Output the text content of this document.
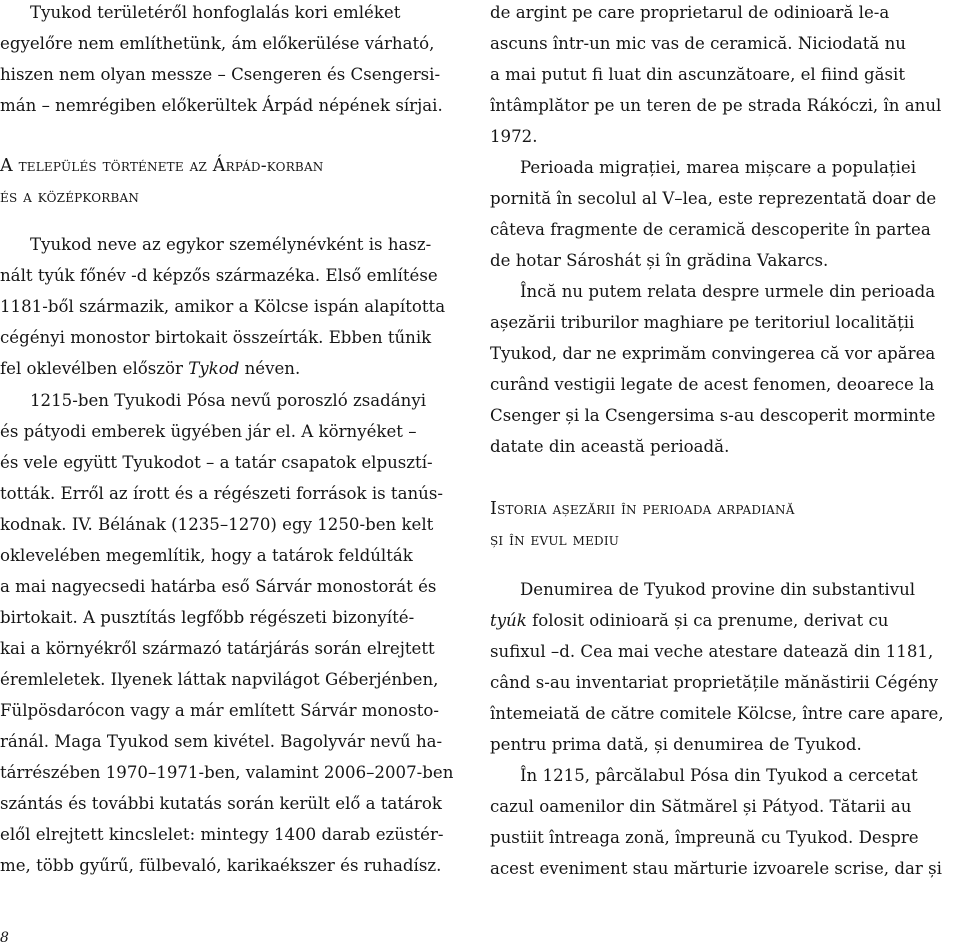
Tyukod területéről honfoglalás kori emléket
egyelőre nem említhetünk, ám előkerülése várható,
hiszen nem olyan messze – Csengeren és Csengersi-
mán – nemrégiben előkerültek Árpád népének sírjai.
A település története az Árpád-korban
és a középkorban
Tyukod neve az egykor személynévként is hasz-
nált tyúk főnév -d képzős származéka. Első említése
1181-ből származik, amikor a Kölcse ispán alapította
cégényi monostor birtokait összeírták. Ebben tűnik
fel oklevélben először Tykod néven.
1215-ben Tyukodi Pósa nevű poroszló zsadányi
és pátyodi emberek ügyében jár el. A környéket –
és vele együtt Tyukodot – a tatár csapatok elpusztí-
tották. Erről az írott és a régészeti források is tanús-
kodnak. IV. Bélának (1235–1270) egy 1250-ben kelt
oklevelében megemlítik, hogy a tatárok feldúlták
a mai nagyecsedi határba eső Sárvár monostorát és
birtokait. A pusztítás legfőbb régészeti bizonyíté-
kai a környékről származó tatárjárás során elrejtett
éremleletek. Ilyenek láttak napvilágot Géberjénben,
Fülpösdarócon vagy a már említett Sárvár monosto-
ránál. Maga Tyukod sem kivétel. Bagolyvár nevű ha-
tárrészében 1970–1971-ben, valamint 2006–2007-ben
szántás és további kutatás során került elő a tatárok
elől elrejtett kincslelet: mintegy 1400 darab ezüstér-
me, több gyűrű, fülbevaló, karikaékszer és ruhadísz.
de argint pe care proprietarul de odinioară le-a
ascuns într-un mic vas de ceramică. Niciodată nu
a mai putut fi luat din ascunzătoare, el fiind găsit
întâmplător pe un teren de pe strada Rákóczi, în anul
1972.
Perioada migrației, marea mișcare a populației
pornită în secolul al V–lea, este reprezentată doar de
câteva fragmente de ceramică descoperite în partea
de hotar Sároshát și în grădina Vakarcs.
Încă nu putem relata despre urmele din perioada
așezării triburilor maghiare pe teritoriul localității
Tyukod, dar ne exprimăm convingerea că vor apărea
curând vestigii legate de acest fenomen, deoarece la
Csenger și la Csengersima s-au descoperit morminte
datate din această perioadă.
Istoria așezării în perioada arpadiană
și în evul mediu
Denumirea de Tyukod provine din substantivul
tyúk folosit odinioară și ca prenume, derivat cu
sufixul –d. Cea mai veche atestare datează din 1181,
când s-au inventariat proprietățile mănăstirii Cégény
întemeiată de către comitele Kölcse, între care apare,
pentru prima dată, și denumirea de Tyukod.
În 1215, pârcălabul Pósa din Tyukod a cercetat
cazul oamenilor din Sătmărel și Pátyod. Tătarii au
pustiit întreaga zonă, împreună cu Tyukod. Despre
acest eveniment stau mărturie izvoarele scrise, dar și
8
